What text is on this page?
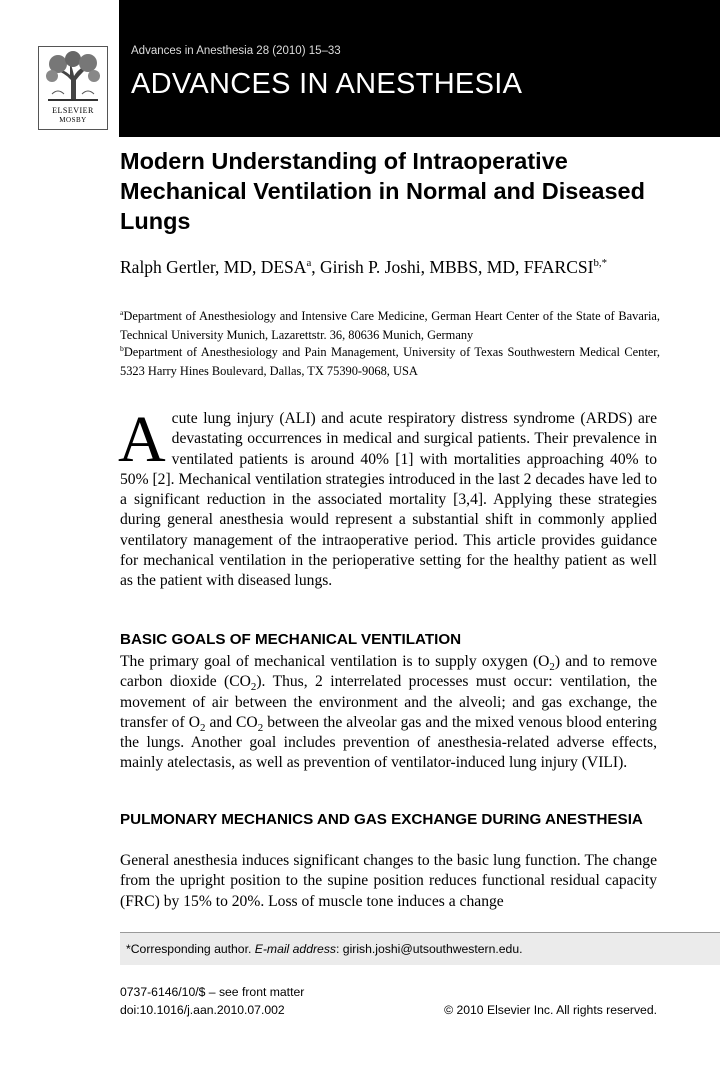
ELSEVIER
MOSBY
Advances in Anesthesia 28 (2010) 15–33
ADVANCES IN ANESTHESIA
Modern Understanding of Intraoperative Mechanical Ventilation in Normal and Diseased Lungs
Ralph Gertler, MD, DESA$^a$, Girish P. Joshi, MBBS, MD, $FFARCSI^{b,*}$
$^a$Department of Anesthesiology and Intensive Care Medicine, German Heart Center of the State of Bavaria, Technical University Munich, Lazarettstr. 36, 80636 Munich, Germany
$^b$Department of Anesthesiology and Pain Management, University of Texas Southwestern Medical Center, 5323 Harry Hines Boulevard, Dallas, TX 75390-9068, USA

Acute lung injury (ALI) and acute respiratory distress syndrome (ARDS) are devastating occurrences in medical and surgical patients. Their prevalence in ventilated patients is around 40% [1] with mortalities approaching 40% to 50% [2]. Mechanical ventilation strategies introduced in the last 2 decades have led to a significant reduction in the associated mortality [3,4]. Applying these strategies during general anesthesia would represent a substantial shift in commonly applied ventilatory management of the intraoperative period. This article provides guidance for mechanical ventilation in the perioperative setting for the healthy patient as well as the patient with diseased lungs.

BASIC GOALS OF MECHANICAL VENTILATION

The primary goal of mechanical ventilation is to supply oxygen $(O_2)$ and to remove carbon dioxide $(CO_2)$. Thus, 2 interrelated processes must occur: ventilation, the movement of air between the environment and the alveoli; and gas exchange, the transfer of $O_2$ and $CO_2$ between the alveolar gas and the mixed venous blood entering the lungs. Another goal includes prevention of anesthesia-related adverse effects, mainly atelectasis, as well as prevention of ventilator-induced lung injury (VILI).

PULMONARY MECHANICS AND GAS EXCHANGE DURING ANESTHESIA

General anesthesia induces significant changes to the basic lung function. The change from the upright position to the supine position reduces functional residual capacity (FRC) by 15% to 20%. Loss of muscle tone induces a change

*Corresponding author. E-mail address: girish.joshi@utsouthwestern.edu.
0737-6146/10/$ – see front matter
doi:10.1016/j.aan.2010.07.002	© 2010 Elsevier Inc. All rights reserved.
